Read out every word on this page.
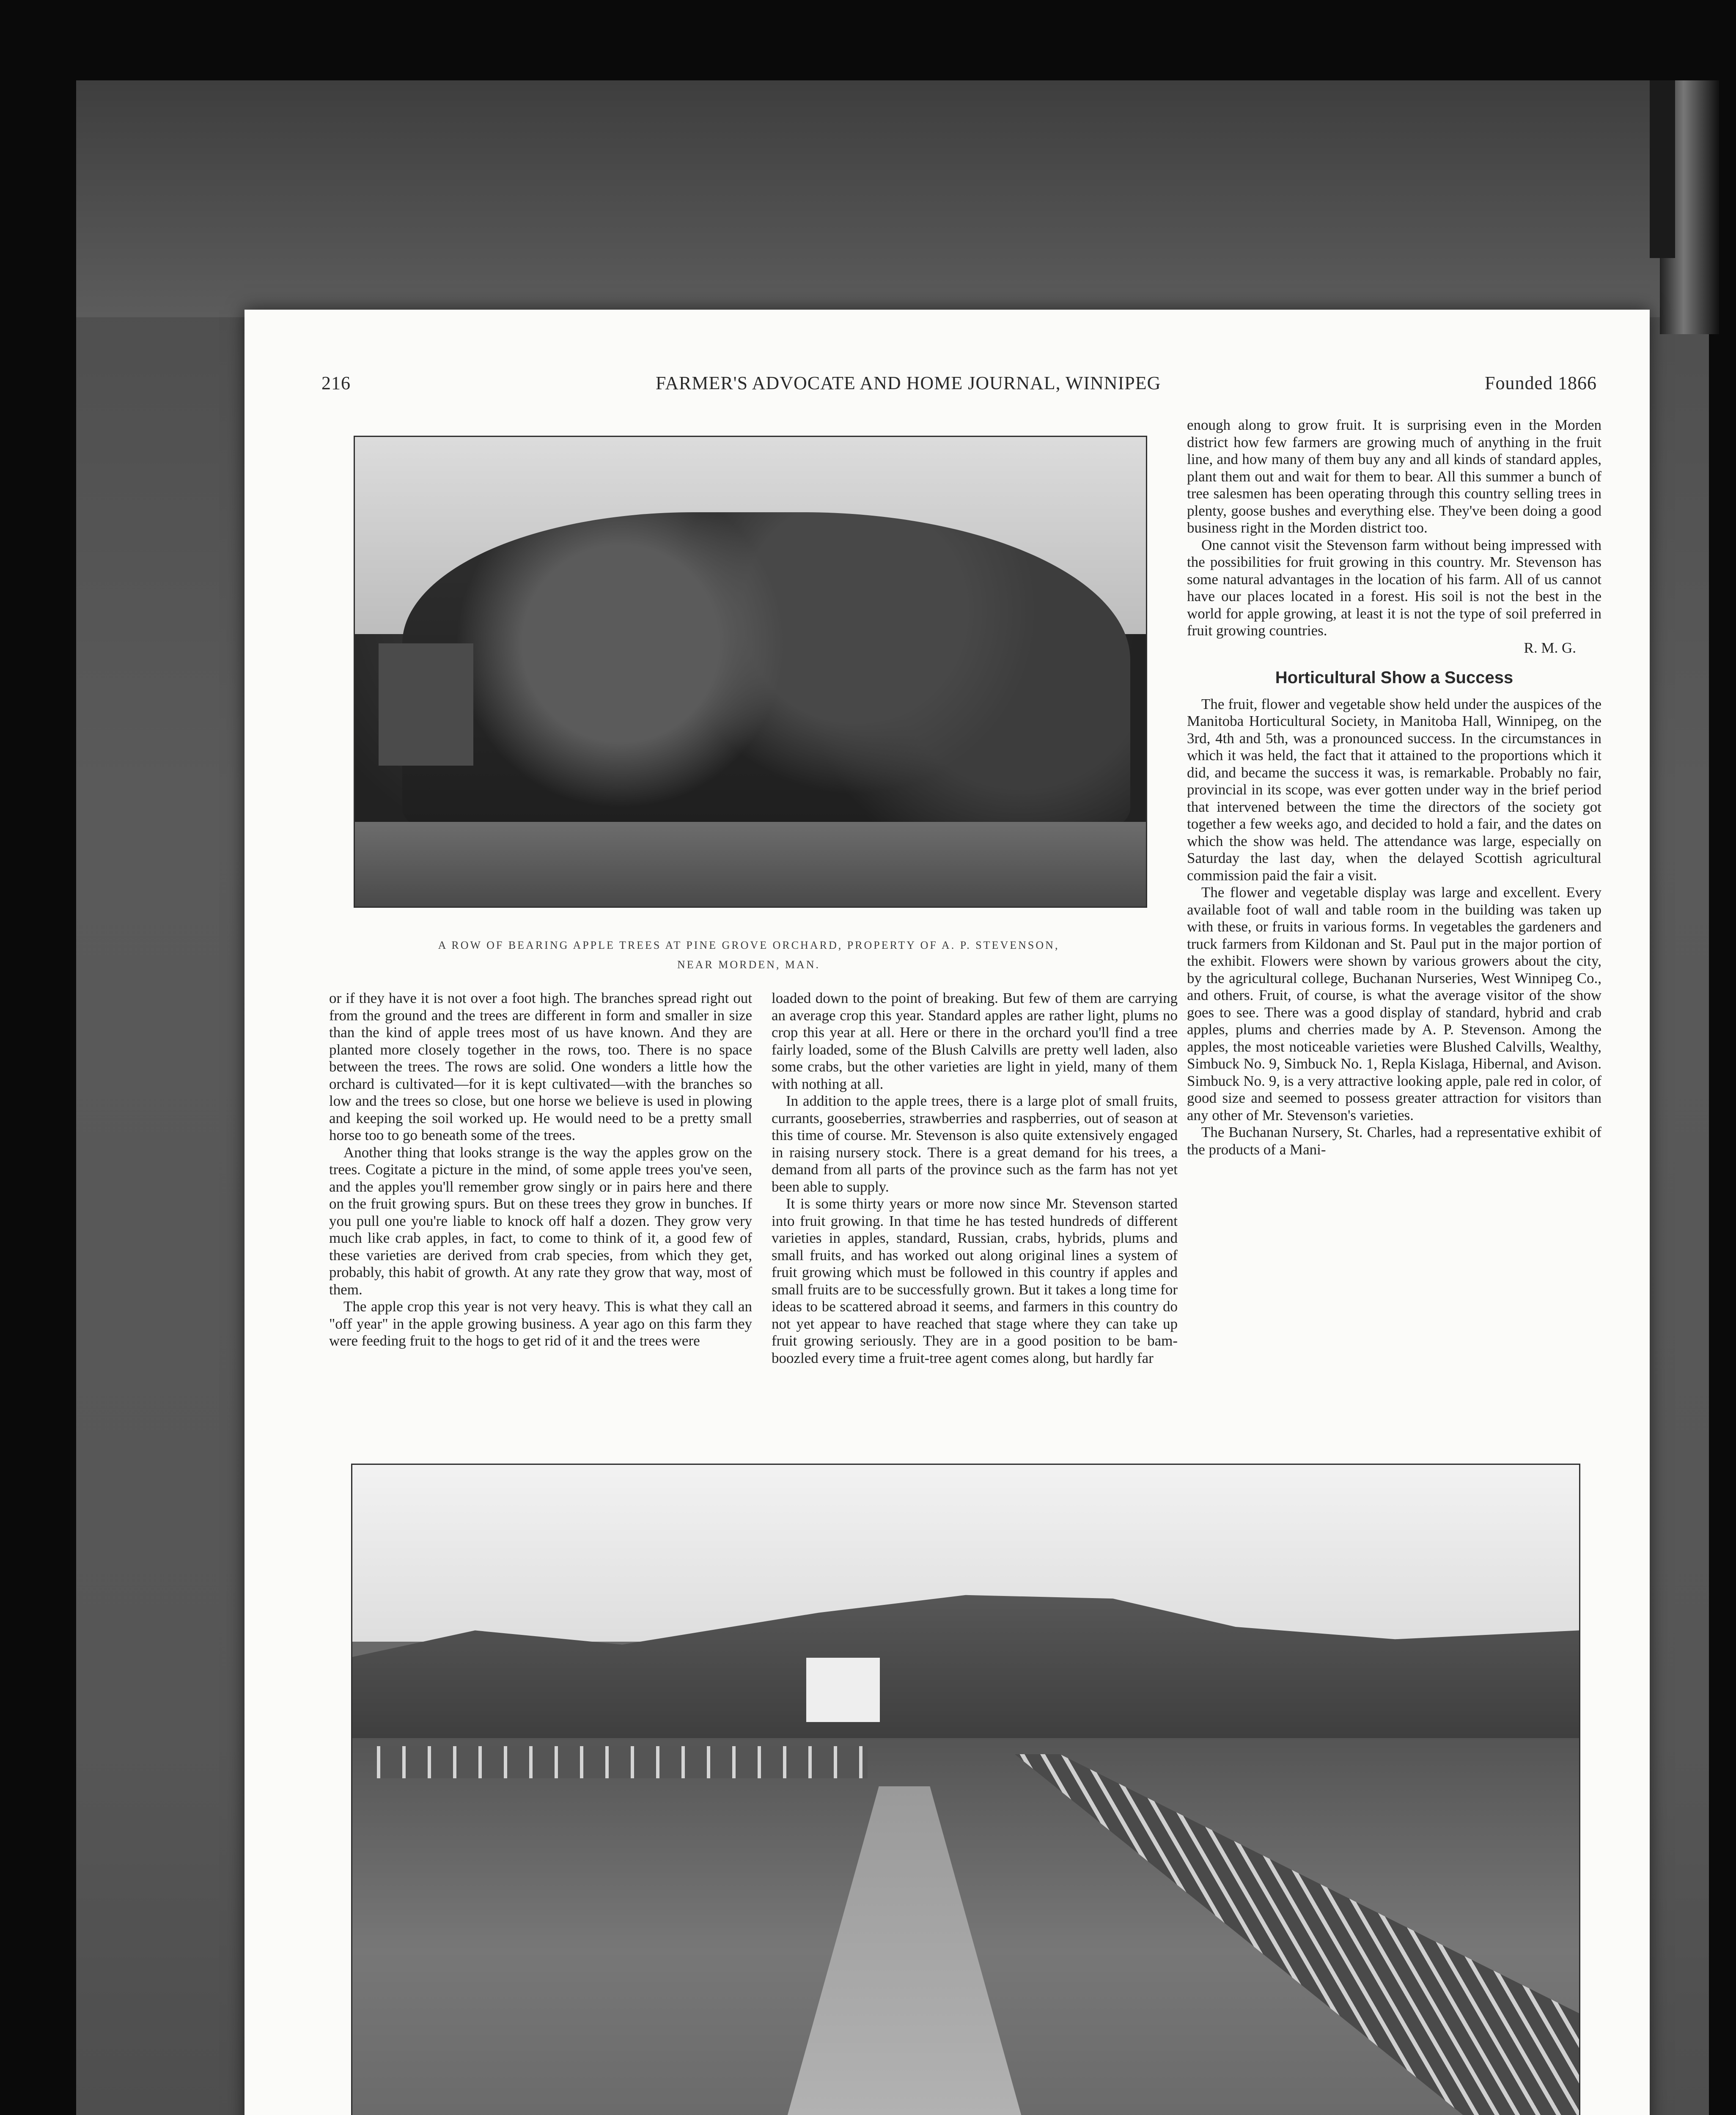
216	FARMER'S ADVOCATE AND HOME JOURNAL, WINNIPEG	Founded 1866
A ROW OF BEARING APPLE TREES AT PINE GROVE ORCHARD, PROPERTY OF A. P. STEVENSON,
NEAR MORDEN, MAN.

or if they have it is not over a foot high. The branches spread right out from the ground and the trees are different in form and smaller in size than the kind of apple trees most of us have known. And they are planted more closely together in the rows, too. There is no space between the trees. The rows are solid. One wonders a little how the orchard is cultivated—for it is kept cultivated—with the branches so low and the trees so close, but one horse we believe is used in plowing and keeping the soil worked up. He would need to be a pretty small horse too to go beneath some of the trees.

Another thing that looks strange is the way the apples grow on the trees. Cogitate a picture in the mind, of some apple trees you've seen, and the apples you'll remember grow singly or in pairs here and there on the fruit growing spurs. But on these trees they grow in bunches. If you pull one you're liable to knock off half a dozen. They grow very much like crab apples, in fact, to come to think of it, a good few of these varieties are derived from crab species, from which they get, probably, this habit of growth. At any rate they grow that way, most of them.

The apple crop this year is not very heavy. This is what they call an "off year" in the apple growing business. A year ago on this farm they were feeding fruit to the hogs to get rid of it and the trees were

loaded down to the point of breaking. But few of them are carrying an average crop this year. Standard apples are rather light, plums no crop this year at all. Here or there in the orchard you'll find a tree fairly loaded, some of the Blush Calvills are pretty well laden, also some crabs, but the other varieties are light in yield, many of them with nothing at all.

In addition to the apple trees, there is a large plot of small fruits, currants, gooseberries, strawberries and raspberries, out of season at this time of course. Mr. Stevenson is also quite extensively engaged in raising nursery stock. There is a great demand for his trees, a demand from all parts of the province such as the farm has not yet been able to supply.

It is some thirty years or more now since Mr. Stevenson started into fruit growing. In that time he has tested hundreds of different varieties in apples, standard, Russian, crabs, hybrids, plums and small fruits, and has worked out along original lines a system of fruit growing which must be followed in this country if apples and small fruits are to be successfully grown. But it takes a long time for ideas to be scattered abroad it seems, and farmers in this country do not yet appear to have reached that stage where they can take up fruit growing seriously. They are in a good position to be bam-boozled every time a fruit-tree agent comes along, but hardly far

enough along to grow fruit. It is surprising even in the Morden district how few farmers are growing much of anything in the fruit line, and how many of them buy any and all kinds of standard apples, plant them out and wait for them to bear. All this summer a bunch of tree salesmen has been operating through this country selling trees in plenty, goose bushes and everything else. They've been doing a good business right in the Morden district too.

One cannot visit the Stevenson farm without being impressed with the possibilities for fruit growing in this country. Mr. Stevenson has some natural advantages in the location of his farm. All of us cannot have our places located in a forest. His soil is not the best in the world for apple growing, at least it is not the type of soil preferred in fruit growing countries.

R. M. G.

Horticultural Show a Success

The fruit, flower and vegetable show held under the auspices of the Manitoba Horticultural Society, in Manitoba Hall, Winnipeg, on the 3rd, 4th and 5th, was a pronounced success. In the circumstances in which it was held, the fact that it attained to the proportions which it did, and became the success it was, is remarkable. Probably no fair, provincial in its scope, was ever gotten under way in the brief period that intervened between the time the directors of the society got together a few weeks ago, and decided to hold a fair, and the dates on which the show was held. The attendance was large, especially on Saturday the last day, when the delayed Scottish agricultural commission paid the fair a visit.

The flower and vegetable display was large and excellent. Every available foot of wall and table room in the building was taken up with these, or fruits in various forms. In vegetables the gardeners and truck farmers from Kildonan and St. Paul put in the major portion of the exhibit. Flowers were shown by various growers about the city, by the agricultural college, Buchanan Nurseries, West Winnipeg Co., and others. Fruit, of course, is what the average visitor of the show goes to see. There was a good display of standard, hybrid and crab apples, plums and cherries made by A. P. Stevenson. Among the apples, the most noticeable varieties were Blushed Calvills, Wealthy, Simbuck No. 9, Simbuck No. 1, Repla Kislaga, Hibernal, and Avison. Simbuck No. 9, is a very attractive looking apple, pale red in color, of good size and seemed to possess greater attraction for visitors than any other of Mr. Stevenson's varieties.

The Buchanan Nursery, St. Charles, had a representative exhibit of the products of a Mani-
